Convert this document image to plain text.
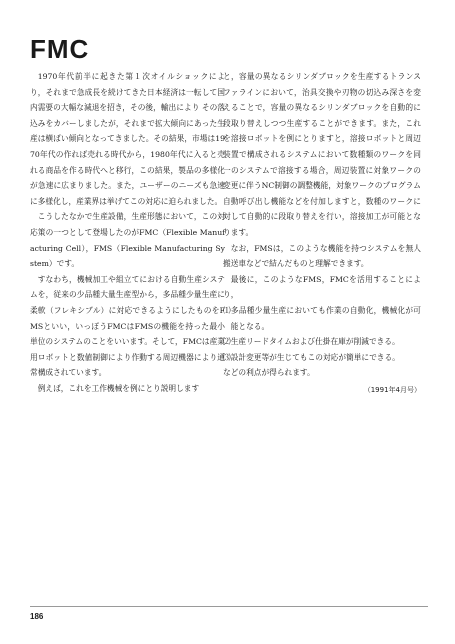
FMC

1970年代前半に起きた第１次オイルショックにより，それまで急成長を続けてきた日本経済は一転して国内需要の大幅な減退を招き，その後，輸出により その落込みをカバーしましたが，それまで拡大傾向にあった生産は横ばい傾向となってきました。その結果，市場は1970年代の作れば売れる時代から，1980年代に入ると売れる商品を作る時代へと移行，この結果，製品の多様化が急速に広まりました。また，ユーザーのニーズも急速に多様化し，産業界は挙げてこの対応に迫られました。

こうしたなかで生産設備，生産形態において，この対応策の一つとして登場したのがFMC（Flexible Manufacturing Cell），FMS（Flexible Manufacturing System）です。

すなわち，機械加工や組立てにおける自動生産システムを，従来の少品種大量生産型から，多品種少量生産に柔軟（フレキシブル）に対応できるようにしたものをFMSといい，いっぽうFMCはFMSの機能を持った最小単位のシステムのことをいいます。そして，FMCは産業用ロボットと数値制御により作動する周辺機器により通常構成されています。

例えば，これを工作機械を例にとり説明します

と，容量の異なるシリンダブロックを生産するトランスファラインにおいて，治具交換や刃物の切込み深さを変えることで，容量の異なるシリンダブロックを自動的に段取り替えしつつ生産することができます。また，これを溶接ロボットを例にとりますと，溶接ロボットと周辺装置で構成されるシステムにおいて数種類のワークを同一のシステムで溶接する場合，周辺装置に対象ワークの変更に伴うNC制御の調整機能，対象ワークのプログラム自動呼び出し機能などを付加しますと，数種のワークに対して自動的に段取り替えを行い，溶接加工が可能となります。

なお，FMSは，このような機能を持つシステムを無人搬送車などで結んだものと理解できます。

最後に，このようなFMS，FMCを活用することにより，

⑴多品種少量生産においても作業の自動化，機械化が可能となる。

⑵生産リードタイムおよび仕掛在庫が削減できる。

⑶設計変更等が生じてもこの対応が簡単にできる。

などの利点が得られます。

（1991年4月号）

186
